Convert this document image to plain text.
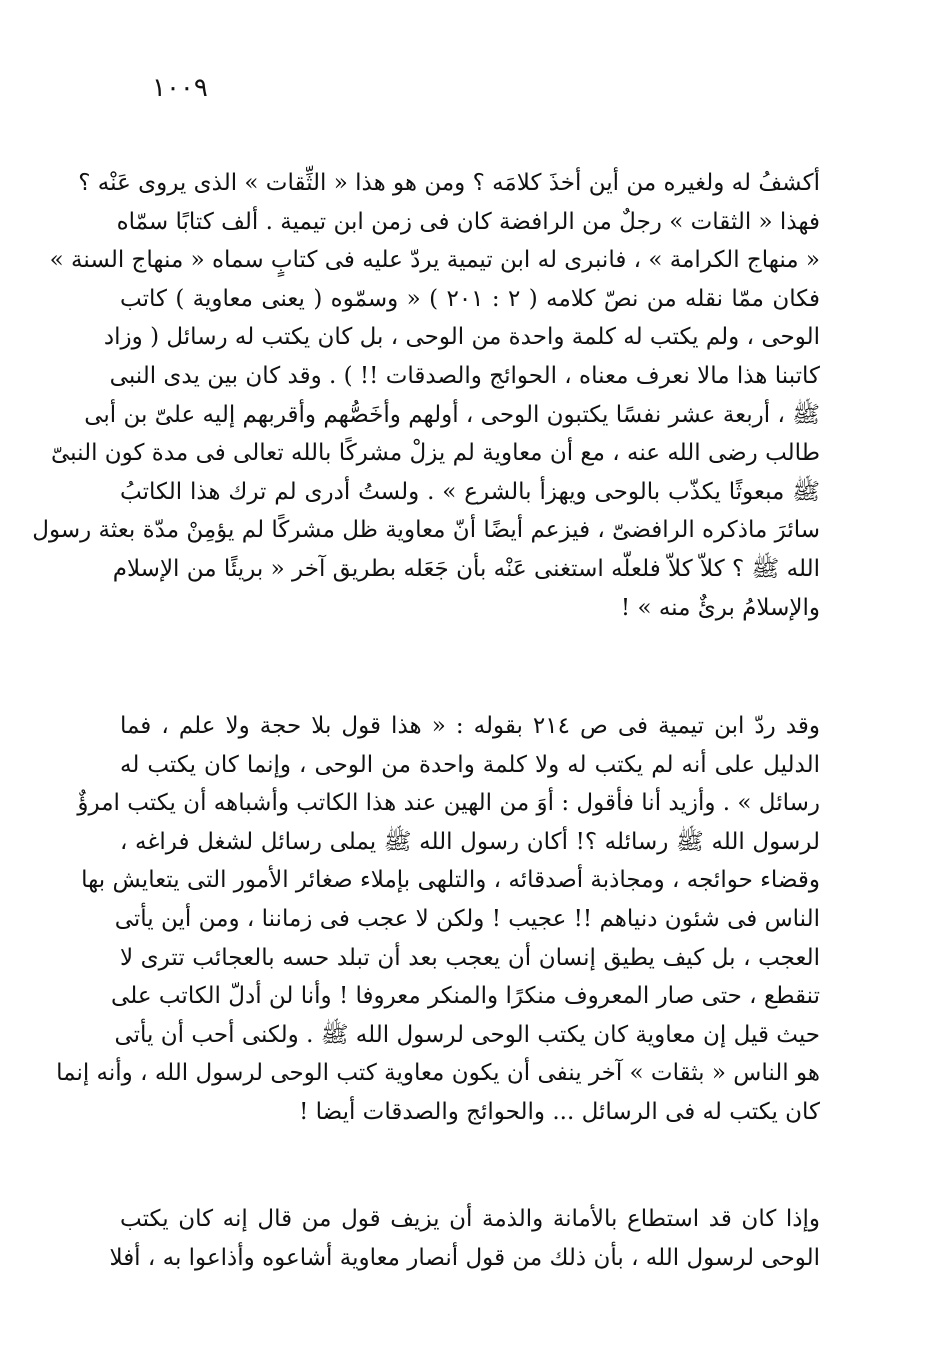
١٠٠٩
أكشفُ له ولغيره من أين أخذَ كلامَه ؟ ومن هو هذا « الثِّقات » الذى يروى عَنْه ؟
فهذا « الثقات » رجلٌ من الرافضة كان فى زمن ابن تيمية . ألف كتابًا سمّاه
« منهاج الكرامة » ، فانبرى له ابن تيمية يردّ عليه فى كتابٍ سماه « منهاج السنة »
فكان ممّا نقله من نصّ كلامه ( ٢ : ٢٠١ ) « وسمّوه ( يعنى معاوية ) كاتب
الوحى ، ولم يكتب له كلمة واحدة من الوحى ، بل كان يكتب له رسائل ( وزاد
كاتبنا هذا مالا نعرف معناه ، الحوائج والصدقات !! ) . وقد كان بين يدى النبى
ﷺ ، أربعة عشر نفسًا يكتبون الوحى ، أولهم وأخَصُّهم وأقربهم إليه علىّ بن أبى
طالب رضى الله عنه ، مع أن معاوية لم يزلْ مشركًا بالله تعالى فى مدة كون النبىّ
ﷺ مبعوثًا يكذّب بالوحى ويهزأ بالشرع » . ولستُ أدرى لم ترك هذا الكاتبُ
سائرَ ماذكره الرافضىّ ، فيزعم أيضًا أنّ معاوية ظل مشركًا لم يؤمِنْ مدّة بعثة رسول
الله ﷺ ؟ كلاّ كلاّ فلعلّه استغنى عَنْه بأن جَعَله بطريق آخر « بريئًا من الإسلام
والإسلامُ برئٌ منه » !
وقد ردّ ابن تيمية فى ص ٢١٤ بقوله : « هذا قول بلا حجة ولا علم ، فما
الدليل على أنه لم يكتب له ولا كلمة واحدة من الوحى ، وإنما كان يكتب له
رسائل » . وأزيد أنا فأقول : أوَ من الهين عند هذا الكاتب وأشباهه أن يكتب امرؤٌ
لرسول الله ﷺ رسائله ؟! أكان رسول الله ﷺ يملى رسائل لشغل فراغه ،
وقضاء حوائجه ، ومجاذبة أصدقائه ، والتلهى بإملاء صغائر الأمور التى يتعايش بها
الناس فى شئون دنياهم !! عجيب ! ولكن لا عجب فى زماننا ، ومن أين يأتى
العجب ، بل كيف يطيق إنسان أن يعجب بعد أن تبلد حسه بالعجائب تترى لا
تنقطع ، حتى صار المعروف منكرًا والمنكر معروفا ! وأنا لن أدلّ الكاتب على
حيث قيل إن معاوية كان يكتب الوحى لرسول الله ﷺ . ولكنى أحب أن يأتى
هو الناس « بثقات » آخر ينفى أن يكون معاوية كتب الوحى لرسول الله ، وأنه إنما
كان يكتب له فى الرسائل ... والحوائج والصدقات أيضا !
وإذا كان قد استطاع بالأمانة والذمة أن يزيف قول من قال إنه كان يكتب
الوحى لرسول الله ، بأن ذلك من قول أنصار معاوية أشاعوه وأذاعوا به ، أفلا
